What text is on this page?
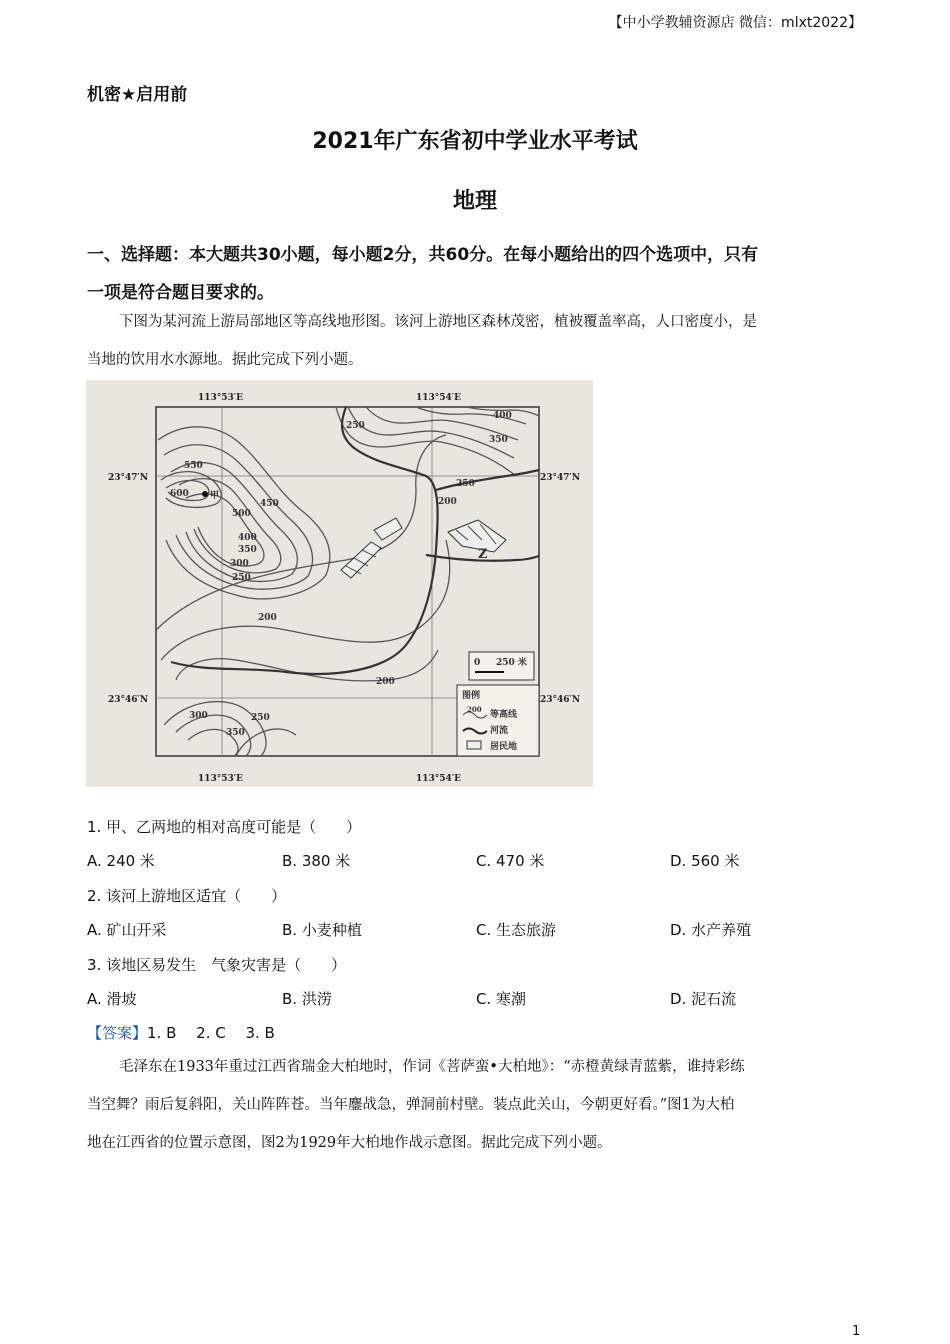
【中小学教辅资源店 微信：mlxt2022】
机密★启用前
2021年广东省初中学业水平考试
地理
一、选择题：本大题共30小题，每小题2分，共60分。在每小题给出的四个选项中，只有
一项是符合题目要求的。
下图为某河流上游局部地区等高线地形图。该河上游地区森林茂密，植被覆盖率高，人口密度小，是
当地的饮用水水源地。据此完成下列小题。
甲
Z
113°53′E	113°54′E
113°53′E	113°54′E
23°47′N	23°47′N
23°46′N	23°46′N
250
400
350
250
200
550
600
500
450
400
350
300
250
200
200
300	250
350
0 250 米
图例
200
等高线
河流
居民地
1. 甲、乙两地的相对高度可能是（　　）
A. 240 米	B. 380 米	C. 470 米	D. 560 米
2. 该河上游地区适宜（　　）
A. 矿山开采	B. 小麦种植	C. 生态旅游	D. 水产养殖
3. 该地区易发生　气象灾害是（　　）
A. 滑坡	B. 洪涝	C. 寒潮	D. 泥石流
【答案】1. B　 2. C　 3. B
毛泽东在1933年重过江西省瑞金大柏地时，作词《菩萨蛮•大柏地》：“赤橙黄绿青蓝紫，谁持彩练
当空舞？雨后复斜阳，关山阵阵苍。当年鏖战急，弹洞前村壁。装点此关山，今朝更好看。”图1为大柏
地在江西省的位置示意图，图2为1929年大柏地作战示意图。据此完成下列小题。
1
